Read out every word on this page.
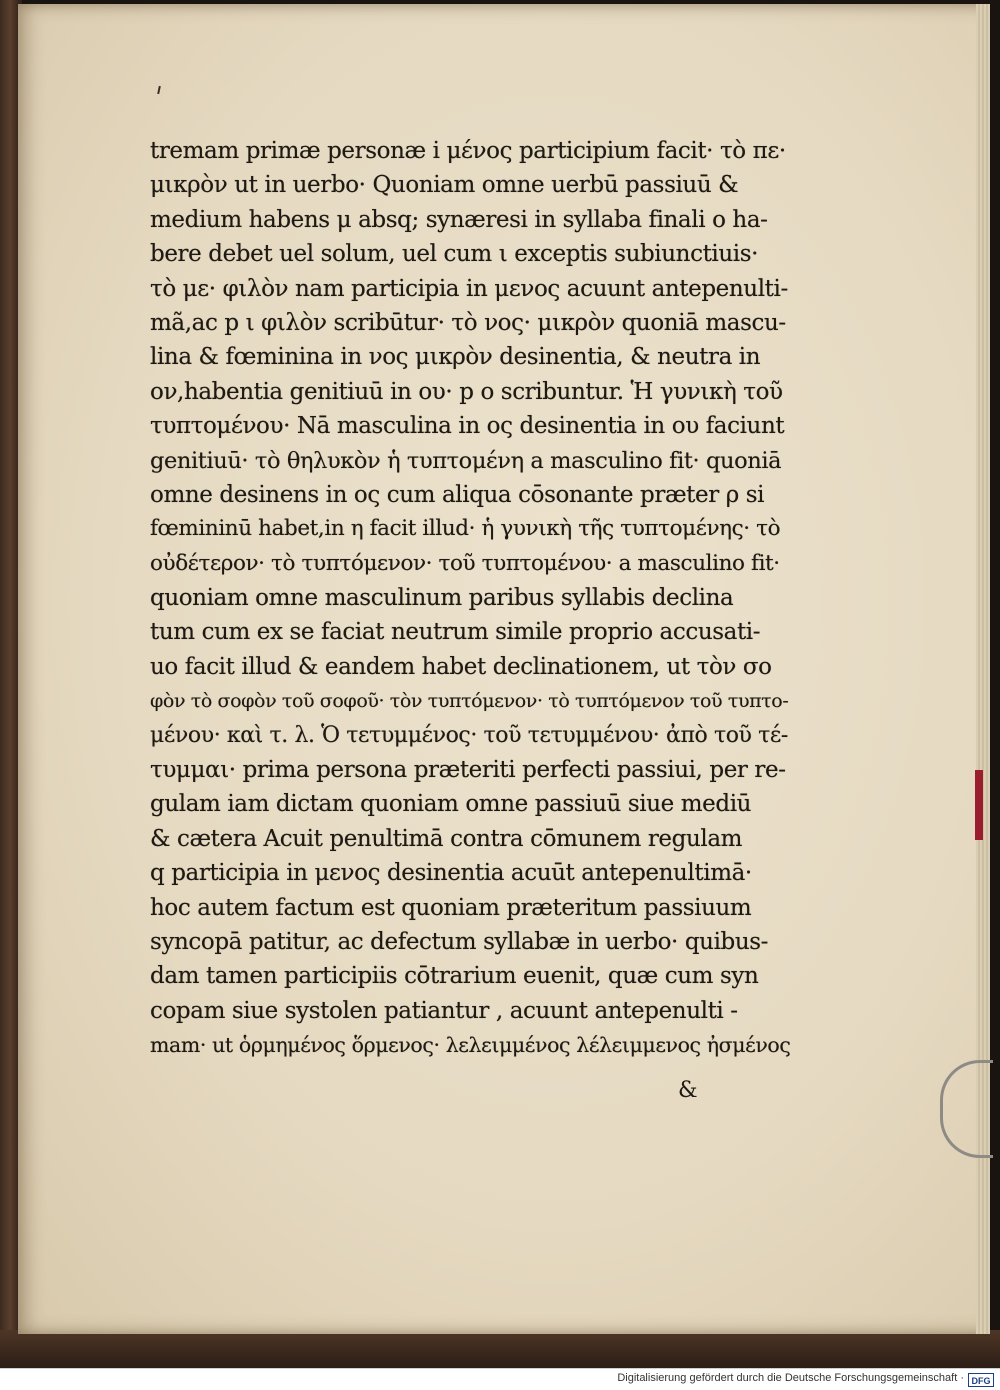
tremam primæ personæ i μένος participium facit· τὸ πε·
μικρὸν ut in uerbo· Quoniam omne uerbū passiuū &
medium habens μ absq; synæresi in syllaba finali ο ha-
bere debet uel solum, uel cum ι exceptis subiunctiuis·
τὸ με· φιλὸν nam participia in μενος acuunt antepenulti-
mã,ac p ι φιλὸν scribūtur· τὸ νος· μικρὸν quoniā mascu-
lina & fœminina in νος μικρὸν desinentia, & neutra in
ον,habentia genitiuū in ου· p ο scribuntur. Ἡ γυνικὴ τοῦ
τυπτομένου· Nā masculina in ος desinentia in ου faciunt
genitiuū· τὸ θηλυκὸν ἡ τυπτομένη a masculino fit· quoniā
omne desinens in ος cum aliqua cōsonante præter ρ si
fœmininū habet,in η facit illud· ἡ γυνικὴ τῆς τυπτομένης· τὸ
οὐδέτερον· τὸ τυπτόμενον· τοῦ τυπτομένου· a masculino fit·
quoniam omne masculinum paribus syllabis declina
tum cum ex se faciat neutrum simile proprio accusati-
uo facit illud & eandem habet declinationem, ut τὸν σο
φὸν τὸ σοφὸν τοῦ σοφοῦ· τὸν τυπτόμενον· τὸ τυπτόμενον τοῦ τυπτο-
μένου· καὶ τ. λ. Ὁ τετυμμένος· τοῦ τετυμμένου· ἀπὸ τοῦ τέ-
τυμμαι· prima persona præteriti perfecti passiui, per re-
gulam iam dictam quoniam omne passiuū siue mediū
& cætera Acuit penultimā contra cōmunem regulam
q participia in μενος desinentia acuūt antepenultimā·
hoc autem factum est quoniam præteritum passiuum
syncopā patitur, ac defectum syllabæ in uerbo· quibus-
dam tamen participiis cōtrarium euenit, quæ cum syn
copam siue systolen patiantur , acuunt antepenulti -
mam· ut ὁρμημένος ὅρμενος· λελειμμένος λέλειμμενος ἠσμένος
&
Digitalisierung gefördert durch die Deutsche Forschungsgemeinschaft · DFG
